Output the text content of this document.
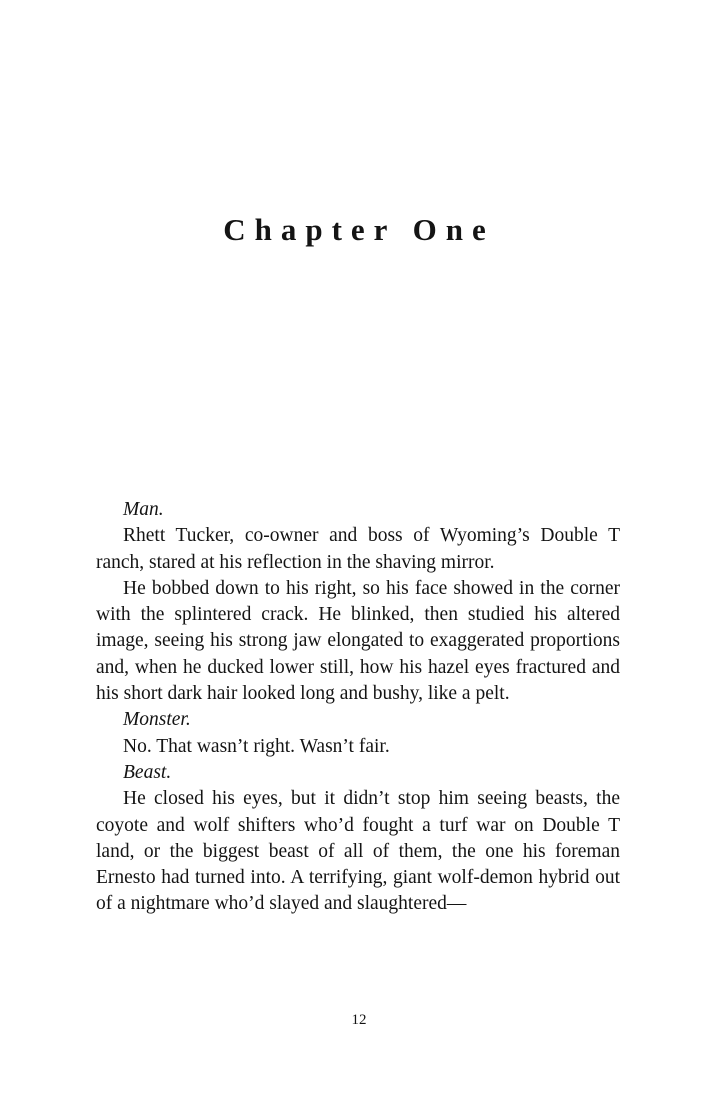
Chapter One

Man.

Rhett Tucker, co-owner and boss of Wyoming’s Double T ranch, stared at his reflection in the shaving mirror.

He bobbed down to his right, so his face showed in the corner with the splintered crack. He blinked, then studied his altered image, seeing his strong jaw elongated to exaggerated proportions and, when he ducked lower still, how his hazel eyes fractured and his short dark hair looked long and bushy, like a pelt.

Monster.

No. That wasn’t right. Wasn’t fair.

Beast.

He closed his eyes, but it didn’t stop him seeing beasts, the coyote and wolf shifters who’d fought a turf war on Double T land, or the biggest beast of all of them, the one his foreman Ernesto had turned into. A terrifying, giant wolf-demon hybrid out of a nightmare who’d slayed and slaughtered—

12
